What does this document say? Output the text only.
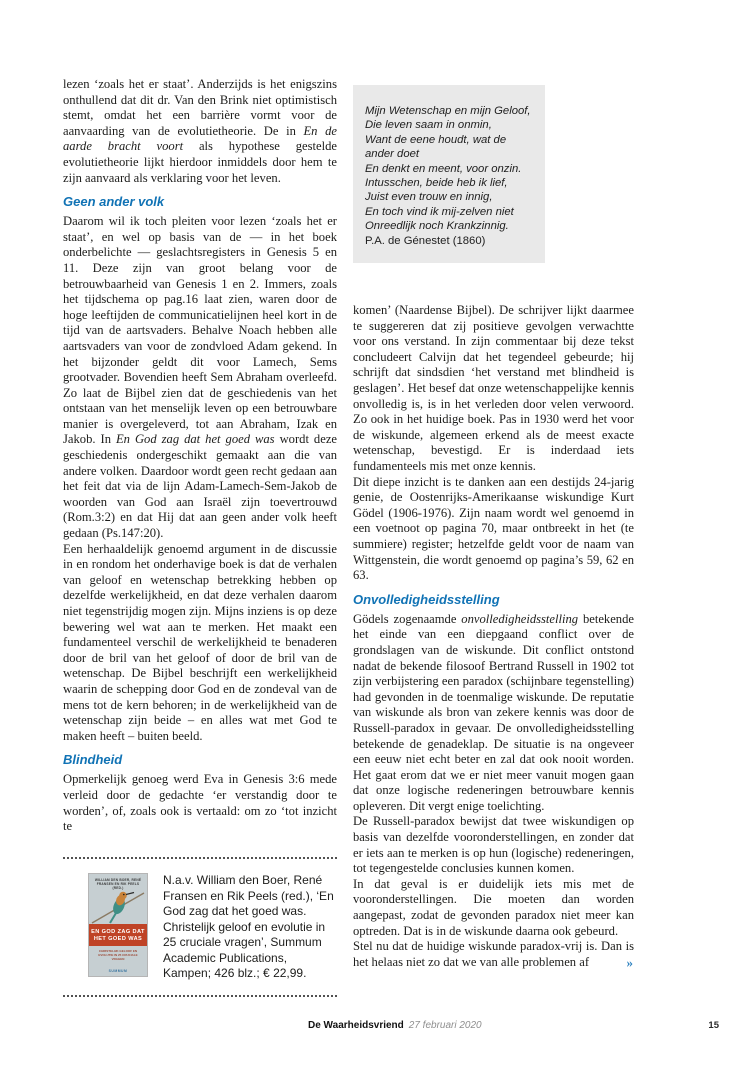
lezen ‘zoals het er staat’. Anderzijds is het enigszins onthullend dat dit dr. Van den Brink niet optimistisch stemt, omdat het een barrière vormt voor de aanvaarding van de evolutietheorie. De in En de aarde bracht voort als hypothese gestelde evolutietheorie lijkt hierdoor inmiddels door hem te zijn aanvaard als verklaring voor het leven.
Geen ander volk
Daarom wil ik toch pleiten voor lezen ‘zoals het er staat’, en wel op basis van de — in het boek onderbelichte — geslachtsregisters in Genesis 5 en 11. Deze zijn van groot belang voor de betrouwbaarheid van Genesis 1 en 2. Immers, zoals het tijdschema op pag.16 laat zien, waren door de hoge leeftijden de communicatielijnen heel kort in de tijd van de aartsvaders. Behalve Noach hebben alle aartsvaders van voor de zondvloed Adam gekend. In het bijzonder geldt dit voor Lamech, Sems grootvader. Bovendien heeft Sem Abraham overleefd. Zo laat de Bijbel zien dat de geschiedenis van het ontstaan van het menselijk leven op een betrouwbare manier is overgeleverd, tot aan Abraham, Izak en Jakob. In En God zag dat het goed was wordt deze geschiedenis ondergeschikt gemaakt aan die van andere volken. Daardoor wordt geen recht gedaan aan het feit dat via de lijn Adam-Lamech-Sem-Jakob de woorden van God aan Israël zijn toevertrouwd (Rom.3:2) en dat Hij dat aan geen ander volk heeft gedaan (Ps.147:20).
Een herhaaldelijk genoemd argument in de discussie in en rondom het onderhavige boek is dat de verhalen van geloof en wetenschap betrekking hebben op dezelfde werkelijkheid, en dat deze verhalen daarom niet tegenstrijdig mogen zijn. Mijns inziens is op deze bewering wel wat aan te merken. Het maakt een fundamenteel verschil de werkelijkheid te benaderen door de bril van het geloof of door de bril van de wetenschap. De Bijbel beschrijft een werkelijkheid waarin de schepping door God en de zondeval van de mens tot de kern behoren; in de werkelijkheid van de wetenschap zijn beide – en alles wat met God te maken heeft – buiten beeld.
Blindheid
Opmerkelijk genoeg werd Eva in Genesis 3:6 mede verleid door de gedachte ‘er verstandig door te worden’, of, zoals ook is vertaald: om zo ‘tot inzicht te
WILLIAM DEN BOER, RENÉ FRANSEN EN RIK PEELS (RED.)
EN GOD ZAG DAT HET GOED WAS
CHRISTELIJK GELOOF EN EVOLUTIE IN 25 CRUCIALE VRAGEN
SUMMUM
N.a.v. William den Boer, René Fransen en Rik Peels (red.), ‘En God zag dat het goed was. Christelijk geloof en evolutie in 25 cruciale vragen’, Summum Academic Publications, Kampen; 426 blz.; € 22,99.
Mijn Wetenschap en mijn Geloof,
Die leven saam in onmin,
Want de eene houdt, wat de ander doet
En denkt en meent, voor onzin.
Intusschen, beide heb ik lief,
Juist even trouw en innig,
En toch vind ik mij-zelven niet
Onreedlijk noch Krankzinnig.
P.A. de Génestet (1860)
komen’ (Naardense Bijbel). De schrijver lijkt daarmee te suggereren dat zij positieve gevolgen verwachtte voor ons verstand. In zijn commentaar bij deze tekst concludeert Calvijn dat het tegendeel gebeurde; hij schrijft dat sindsdien ‘het verstand met blindheid is geslagen’. Het besef dat onze wetenschappelijke kennis onvolledig is, is in het verleden door velen verwoord. Zo ook in het huidige boek. Pas in 1930 werd het voor de wiskunde, algemeen erkend als de meest exacte wetenschap, bevestigd. Er is inderdaad iets fundamenteels mis met onze kennis.
Dit diepe inzicht is te danken aan een destijds 24-jarig genie, de Oostenrijks-Amerikaanse wiskundige Kurt Gödel (1906-1976). Zijn naam wordt wel genoemd in een voetnoot op pagina 70, maar ontbreekt in het (te summiere) register; hetzelfde geldt voor de naam van Wittgenstein, die wordt genoemd op pagina’s 59, 62 en 63.
Onvolledigheidsstelling
Gödels zogenaamde onvolledigheidsstelling betekende het einde van een diepgaand conflict over de grondslagen van de wiskunde. Dit conflict ontstond nadat de bekende filosoof Bertrand Russell in 1902 tot zijn verbijstering een paradox (schijnbare tegenstelling) had gevonden in de toenmalige wiskunde. De reputatie van wiskunde als bron van zekere kennis was door de Russell-paradox in gevaar. De onvolledigheidsstelling betekende de genadeklap. De situatie is na ongeveer een eeuw niet echt beter en zal dat ook nooit worden. Het gaat erom dat we er niet meer vanuit mogen gaan dat onze logische redeneringen betrouwbare kennis opleveren. Dit vergt enige toelichting.
De Russell-paradox bewijst dat twee wiskundigen op basis van dezelfde vooronderstellingen, en zonder dat er iets aan te merken is op hun (logische) redeneringen, tot tegengestelde conclusies kunnen komen.
In dat geval is er duidelijk iets mis met de vooronderstellingen. Die moeten dan worden aangepast, zodat de gevonden paradox niet meer kan optreden. Dat is in de wiskunde daarna ook gebeurd.
Stel nu dat de huidige wiskunde paradox-vrij is. Dan is het helaas niet zo dat we van alle problemen af	»
De Waarheidsvriend 27 februari 2020	15
